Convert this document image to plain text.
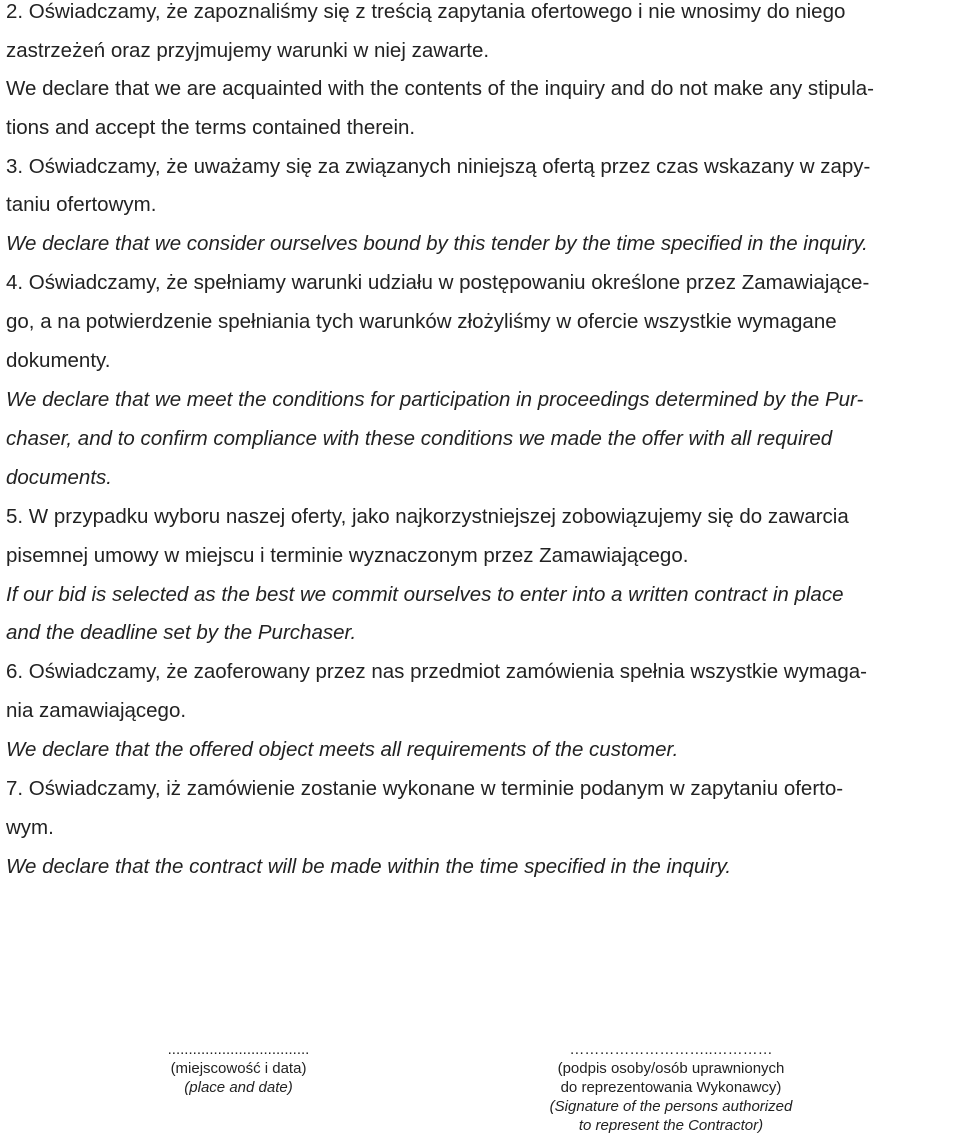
2. Oświadczamy, że zapoznaliśmy się z treścią zapytania ofertowego i nie wnosimy do niego
zastrzeżeń oraz przyjmujemy warunki w niej zawarte.
We declare that we are acquainted with the contents of the inquiry and do not make any stipula-
tions and accept the terms contained therein.
3. Oświadczamy, że uważamy się za związanych niniejszą ofertą przez czas wskazany w zapy-
taniu ofertowym.
We declare that we consider ourselves bound by this tender by the time specified in the inquiry.
4. Oświadczamy, że spełniamy warunki udziału w postępowaniu określone przez Zamawiające-
go, a na potwierdzenie spełniania tych warunków złożyliśmy w ofercie wszystkie wymagane
dokumenty.
We declare that we meet the conditions for participation in proceedings determined by the Pur-
chaser, and to confirm compliance with these conditions we made the offer with all required
documents.
5. W przypadku wyboru naszej oferty, jako najkorzystniejszej zobowiązujemy się do zawarcia
pisemnej umowy w miejscu i terminie wyznaczonym przez Zamawiającego.
If our bid is selected as the best we commit ourselves to enter into a written contract in place
and the deadline set by the Purchaser.
6. Oświadczamy, że zaoferowany przez nas przedmiot zamówienia spełnia wszystkie wymaga-
nia zamawiającego.
We declare that the offered object meets all requirements of the customer.
7. Oświadczamy, iż zamówienie zostanie wykonane w terminie podanym w zapytaniu oferto-
wym.
We declare that the contract will be made within the time specified in the inquiry.
..................................
(miejscowość i data)
(place and date)
………………………..…………
(podpis osoby/osób uprawnionych
do reprezentowania Wykonawcy)
(Signature of the persons authorized
to represent the Contractor)
